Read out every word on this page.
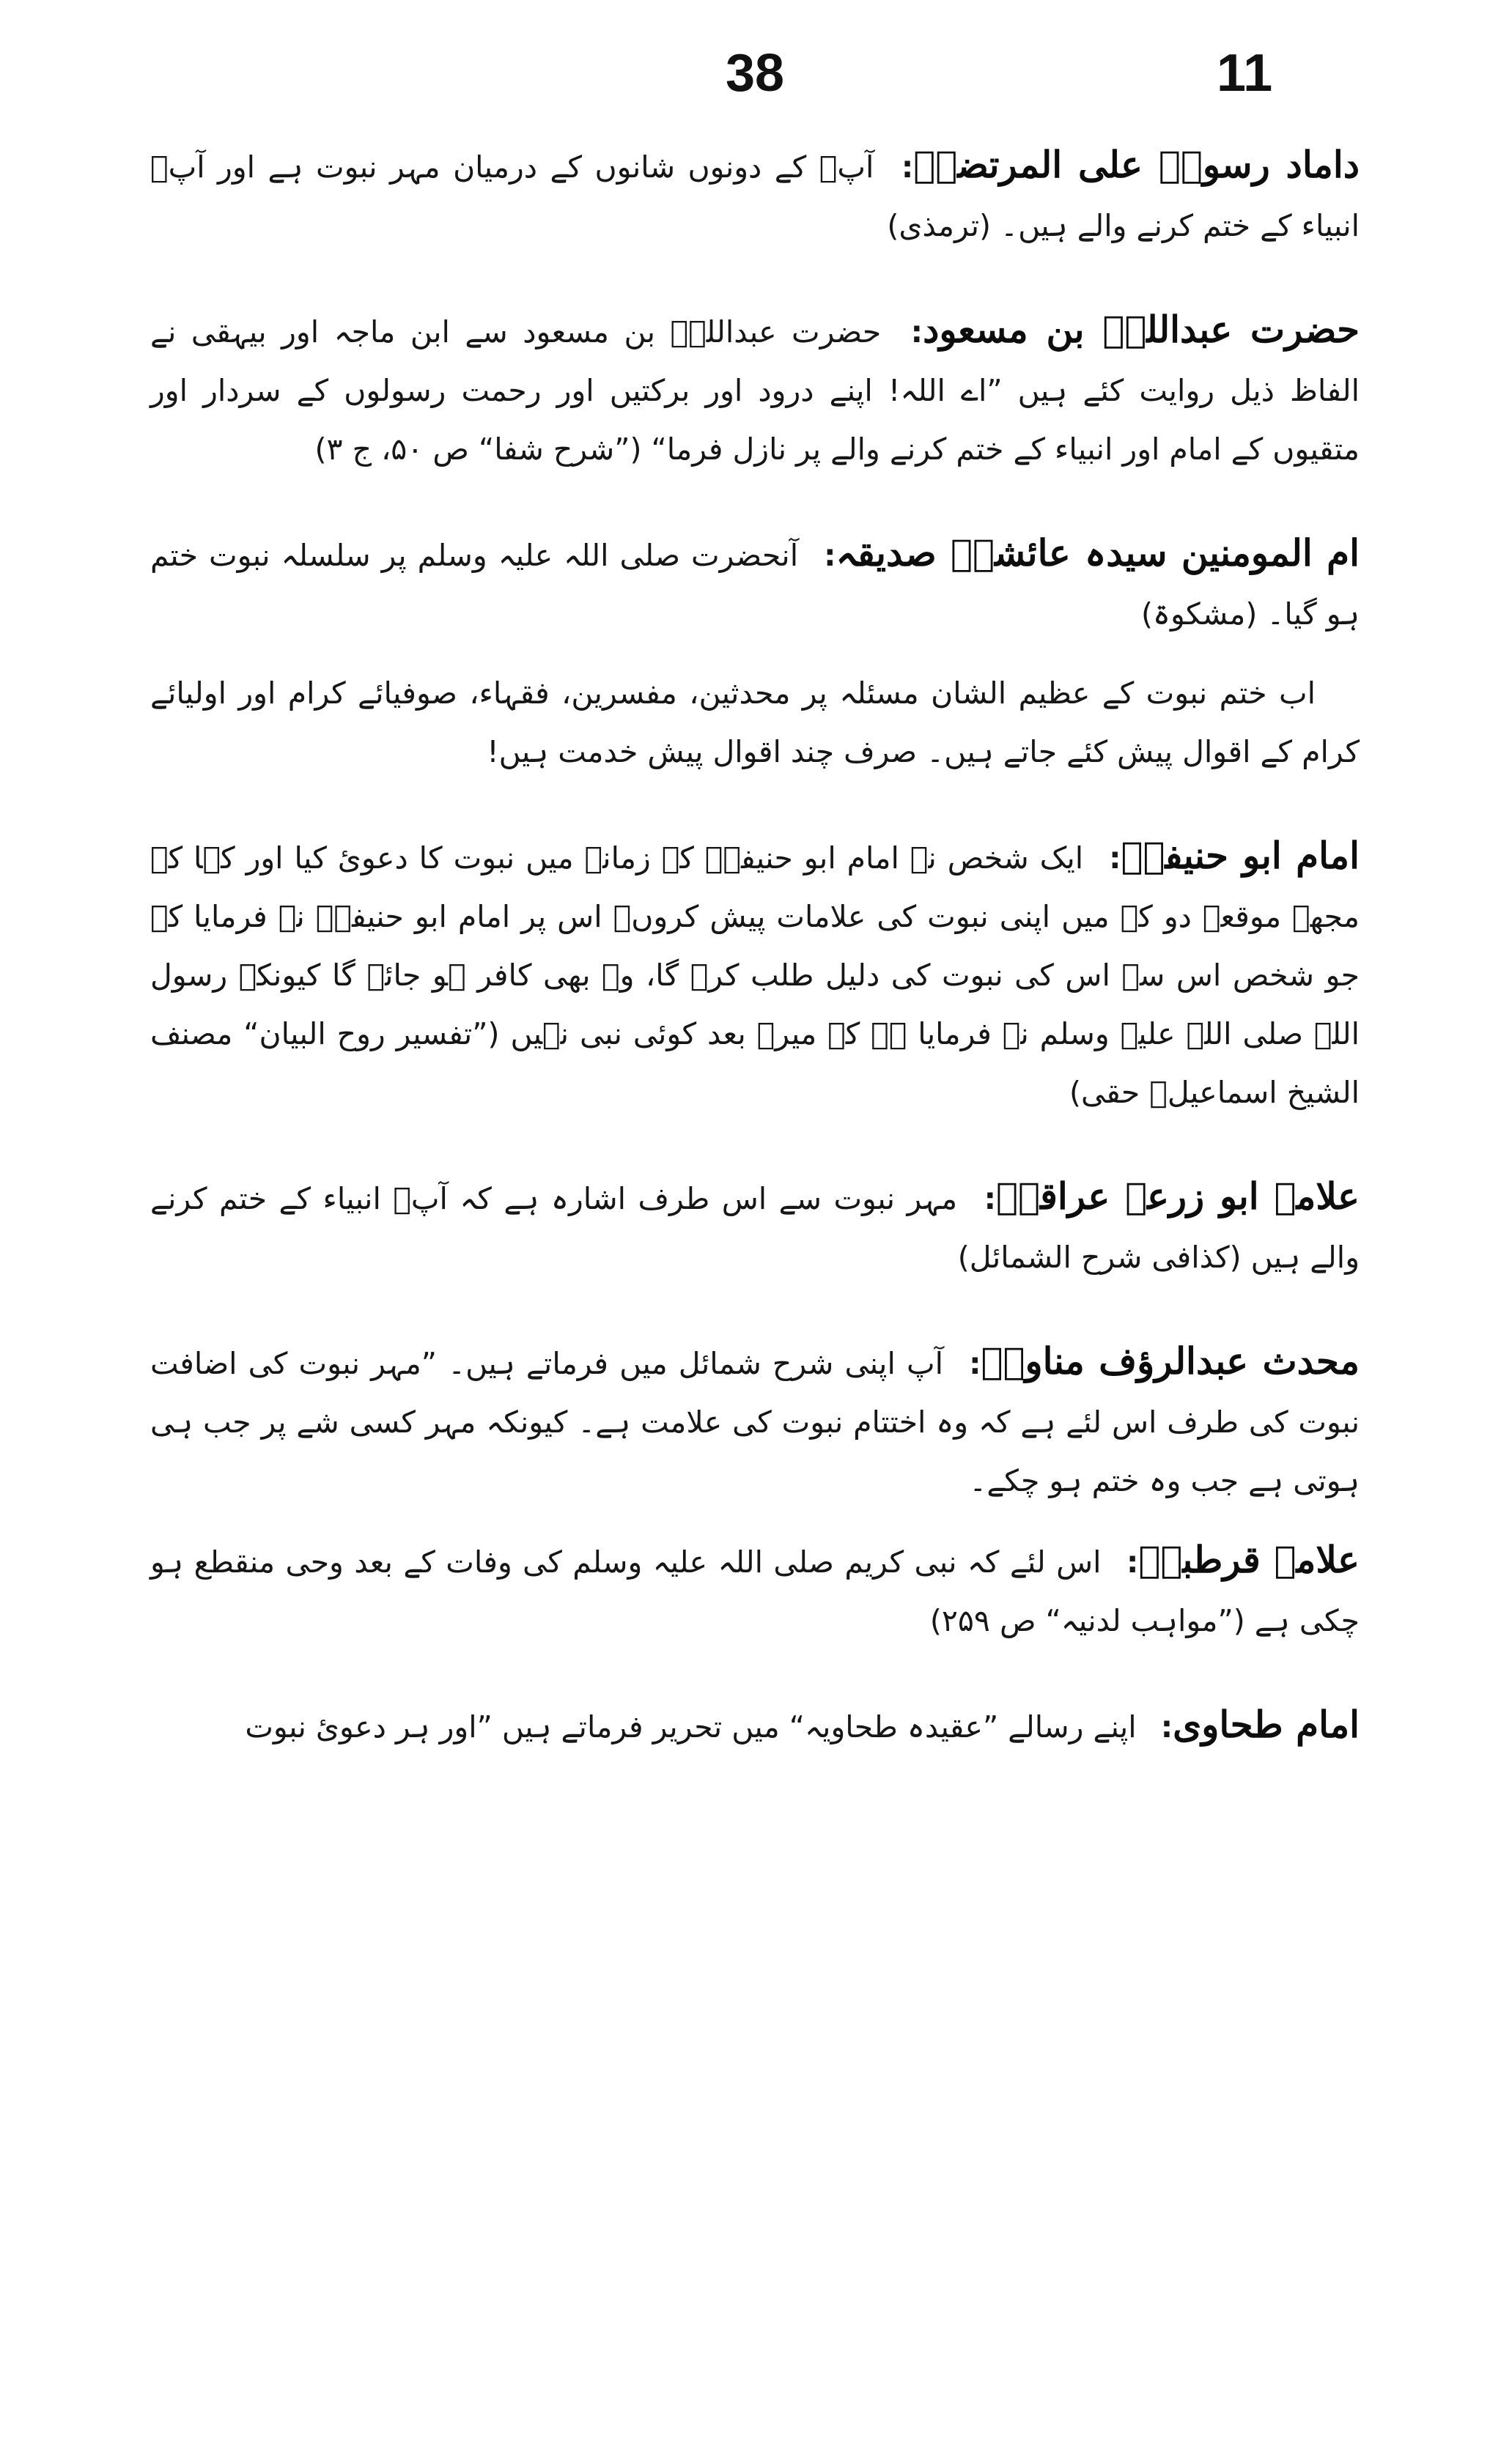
38	11

داماد رسولؐ علی المرتضیؓ: آپؐ کے دونوں شانوں کے درمیان مہر نبوت ہے اور آپؐ انبیاء کے ختم کرنے والے ہیں۔ (ترمذی)

حضرت عبداللہؓ بن مسعود: حضرت عبداللہؓ بن مسعود سے ابن ماجہ اور بیہقی نے الفاظ ذیل روایت کئے ہیں ”اے اللہ! اپنے درود اور برکتیں اور رحمت رسولوں کے سردار اور متقیوں کے امام اور انبیاء کے ختم کرنے والے پر نازل فرما“ (”شرح شفا“ ص ۵۰، ج ۳)

ام المومنین سیدہ عائشہؓ صدیقہ: آنحضرت صلی اللہ علیہ وسلم پر سلسلہ نبوت ختم ہو گیا۔ (مشکوۃ)

اب ختم نبوت کے عظیم الشان مسئلہ پر محدثین، مفسرین، فقہاء، صوفیائے کرام اور اولیائے کرام کے اقوال پیش کئے جاتے ہیں۔ صرف چند اقوال پیش خدمت ہیں!

امام ابو حنیفہؒ: ایک شخص نے امام ابو حنیفہؒ کے زمانہ میں نبوت کا دعوئ کیا اور کہا کہ مجھے موقعہ دو کہ میں اپنی نبوت کی علامات پیش کروں۔ اس پر امام ابو حنیفہؒ نے فرمایا کہ جو شخص اس سے اس کی نبوت کی دلیل طلب کرے گا، وہ بھی کافر ہو جائے گا کیونکہ رسول اللہ صلی اللہ علیہ وسلم نے فرمایا ہے کہ میرے بعد کوئی نبی نہیں (”تفسیر روح البیان“ مصنف الشیخ اسماعیلؒ حقی)

علامہ ابو زرعہ عراقیؒ: مہر نبوت سے اس طرف اشارہ ہے کہ آپؐ انبیاء کے ختم کرنے والے ہیں (کذافی شرح الشمائل)

محدث عبدالرؤف مناویؒ: آپ اپنی شرح شمائل میں فرماتے ہیں۔ ”مہر نبوت کی اضافت نبوت کی طرف اس لئے ہے کہ وہ اختتام نبوت کی علامت ہے۔ کیونکہ مہر کسی شے پر جب ہی ہوتی ہے جب وہ ختم ہو چکے۔

علامہ قرطبیؒ: اس لئے کہ نبی کریم صلی اللہ علیہ وسلم کی وفات کے بعد وحی منقطع ہو چکی ہے (”مواہب لدنیہ“ ص ۲۵۹)

امام طحاوی: اپنے رسالے ”عقیدہ طحاویہ“ میں تحریر فرماتے ہیں ”اور ہر دعوئ نبوت
